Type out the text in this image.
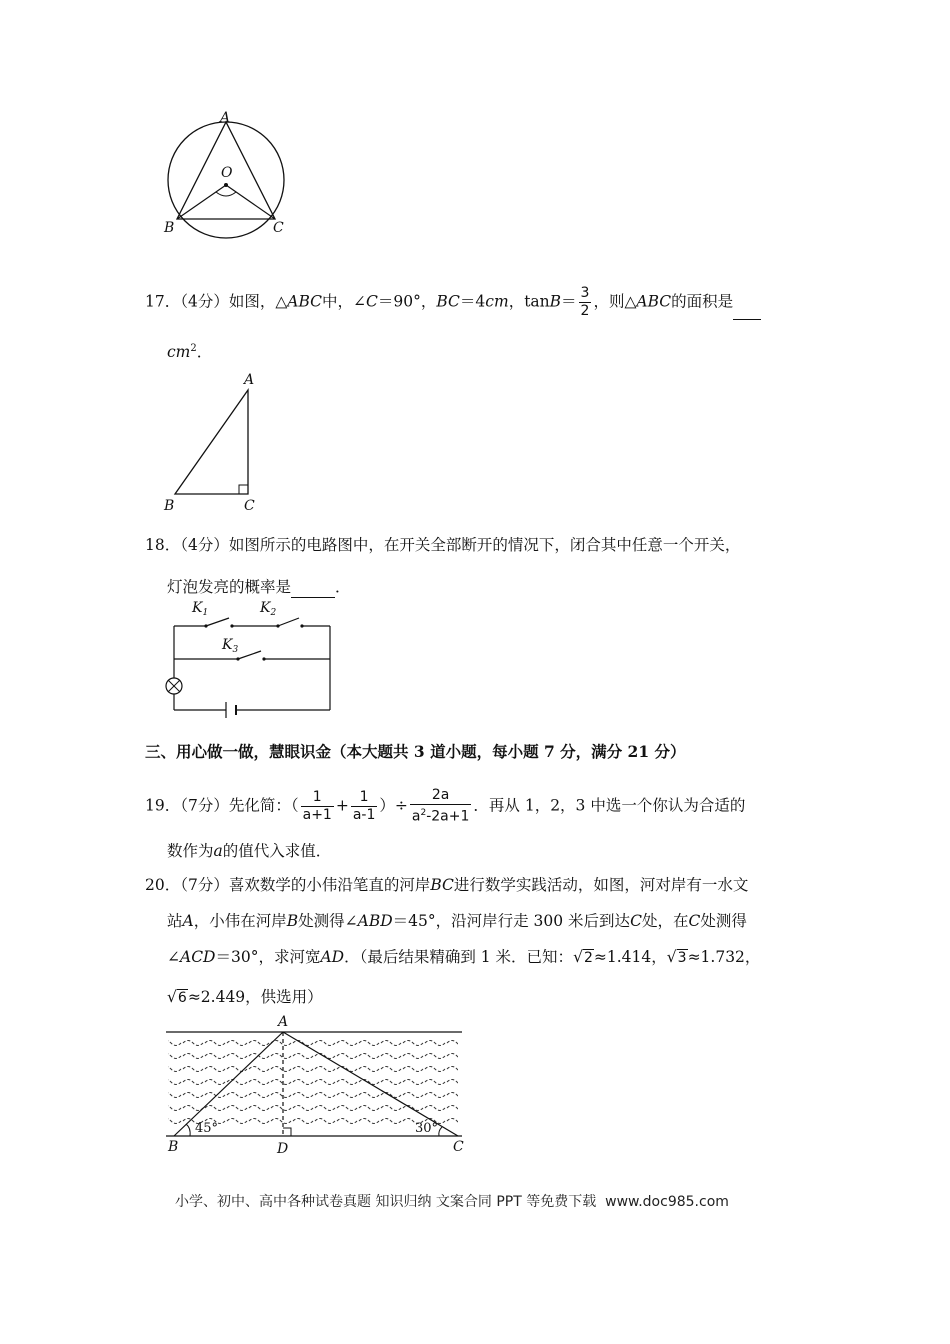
A
O
B	C
17．（4分）如图，△ABC中，∠C＝90°，BC＝4cm，$\tan B= \frac{3}{2}$ ，则△ABC的面积是
$cm^2$．
A
B	C
18．（4分）如图所示的电路图中，在开关全部断开的情况下，闭合其中任意一个开关，
灯泡发亮的概率是	．
$K_1$	$K_2$
$K_3$
三、用心做一做，慧眼识金（本大题共 3 道小题，每小题 7 分，满分 21 分）
19．（7分）先化简：（ $\frac{1}{a+1} + \frac{1}{a-1}$ ）÷ $\frac{2a}{a^2-2a+1}$ ．再从 1，2，3 中选一个你认为合适的
数作为a的值代入求值．
20．（7分）喜欢数学的小伟沿笔直的河岸BC进行数学实践活动，如图，河对岸有一水文
站A，小伟在河岸B处测得∠ABD＝45°，沿河岸行走 300 米后到达C处，在C处测得
∠ACD＝30°，求河宽AD．（最后结果精确到 1 米．已知：√2≈1.414，√3≈1.732，
√6≈2.449，供选用）
A
B	D	C
45°	30°
小学、初中、高中各种试卷真题 知识归纳 文案合同 PPT 等免费下载 www.doc985.com
